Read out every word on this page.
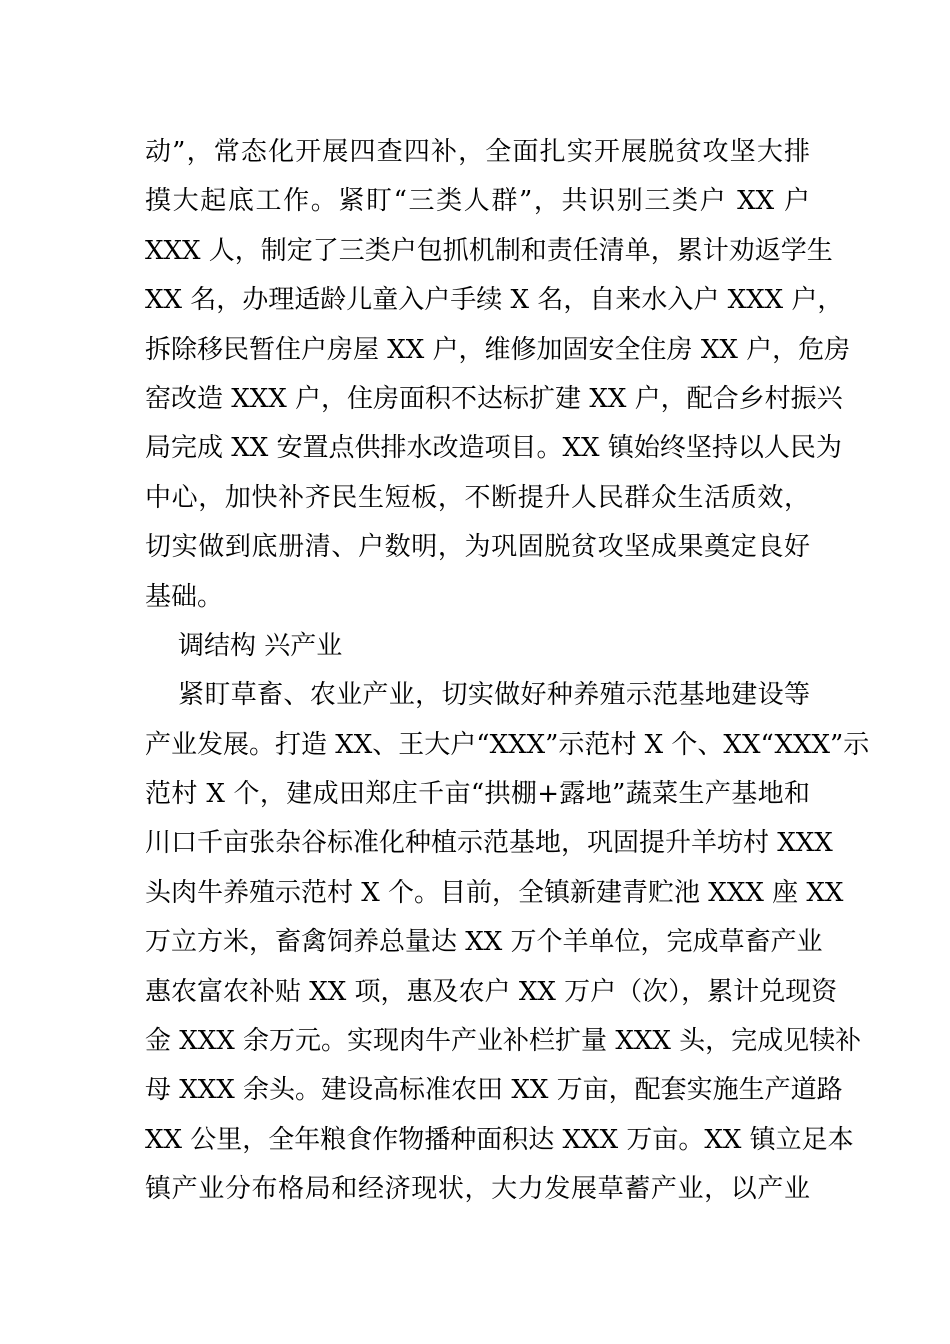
动”，常态化开展四查四补，全面扎实开展脱贫攻坚大排
摸大起底工作。紧盯“三类人群”，共识别三类户 XX 户
XXX 人，制定了三类户包抓机制和责任清单，累计劝返学生
XX 名，办理适龄儿童入户手续 X 名，自来水入户 XXX 户，
拆除移民暂住户房屋 XX 户，维修加固安全住房 XX 户，危房
窑改造 XXX 户，住房面积不达标扩建 XX 户，配合乡村振兴
局完成 XX 安置点供排水改造项目。XX 镇始终坚持以人民为
中心，加快补齐民生短板，不断提升人民群众生活质效，
切实做到底册清、户数明，为巩固脱贫攻坚成果奠定良好
基础。
调结构 兴产业
紧盯草畜、农业产业，切实做好种养殖示范基地建设等
产业发展。打造 XX、王大户“XXX”示范村 X 个、XX“XXX”示
范村 X 个，建成田郑庄千亩“拱棚+露地”蔬菜生产基地和
川口千亩张杂谷标准化种植示范基地，巩固提升羊坊村 XXX
头肉牛养殖示范村 X 个。目前，全镇新建青贮池 XXX 座 XX
万立方米，畜禽饲养总量达 XX 万个羊单位，完成草畜产业
惠农富农补贴 XX 项，惠及农户 XX 万户（次），累计兑现资
金 XXX 余万元。实现肉牛产业补栏扩量 XXX 头，完成见犊补
母 XXX 余头。建设高标准农田 XX 万亩，配套实施生产道路
XX 公里，全年粮食作物播种面积达 XXX 万亩。XX 镇立足本
镇产业分布格局和经济现状，大力发展草蓄产业，以产业
